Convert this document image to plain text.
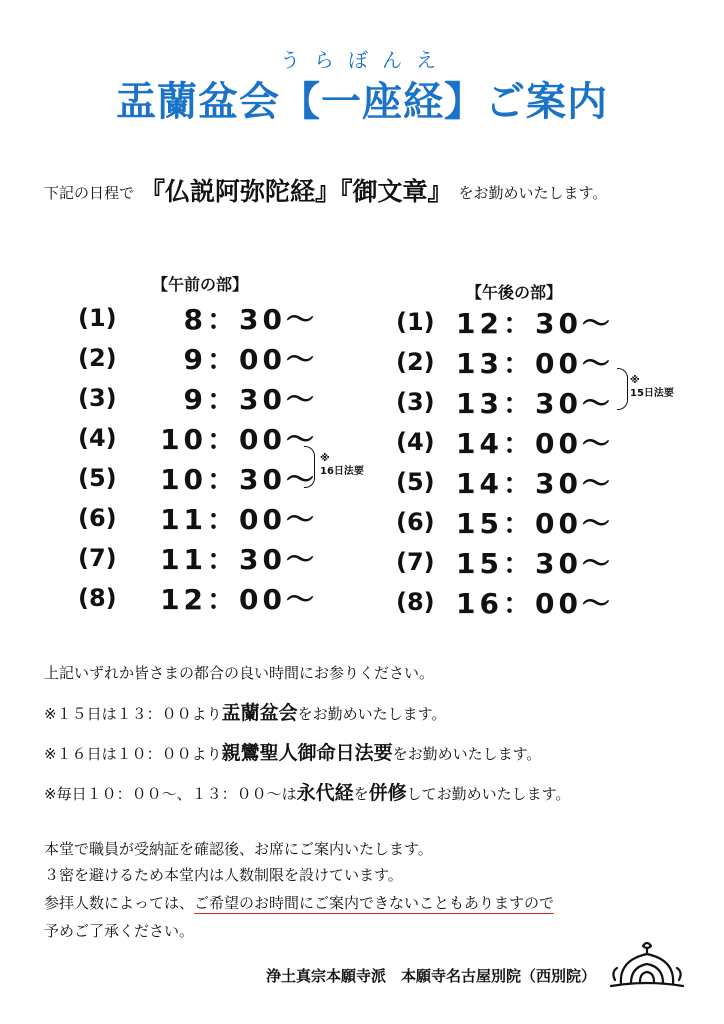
うらぼんえ
盂蘭盆会【一座経】ご案内
下記の日程で 『仏説阿弥陀経』『御文章』 をお勤めいたします。
【午前の部】
(1)	8：30～
(2)	9：00～
(3)	9：30～
(4)	10：00～
(5)	10：30～
(6)	11：00～
(7)	11：30～
(8)	12：00～
※
16日法要
【午後の部】
(1) 12：30～
(2) 13：00～
(3) 13：30～
(4) 14：00～
(5) 14：30～
(6) 15：00～
(7) 15：30～
(8) 16：00～
※
15日法要
上記いずれか皆さまの都合の良い時間にお参りください。
※１５日は１３：００より盂蘭盆会をお勤めいたします。
※１６日は１０：００より親鸞聖人御命日法要をお勤めいたします。
※毎日１０：００～、１３：００～は永代経を併修してお勤めいたします。
本堂で職員が受納証を確認後、お席にご案内いたします。
３密を避けるため本堂内は人数制限を設けています。
参拝人数によっては、ご希望のお時間にご案内できないこともありますので
予めご了承ください。
浄土真宗本願寺派　本願寺名古屋別院（西別院）
